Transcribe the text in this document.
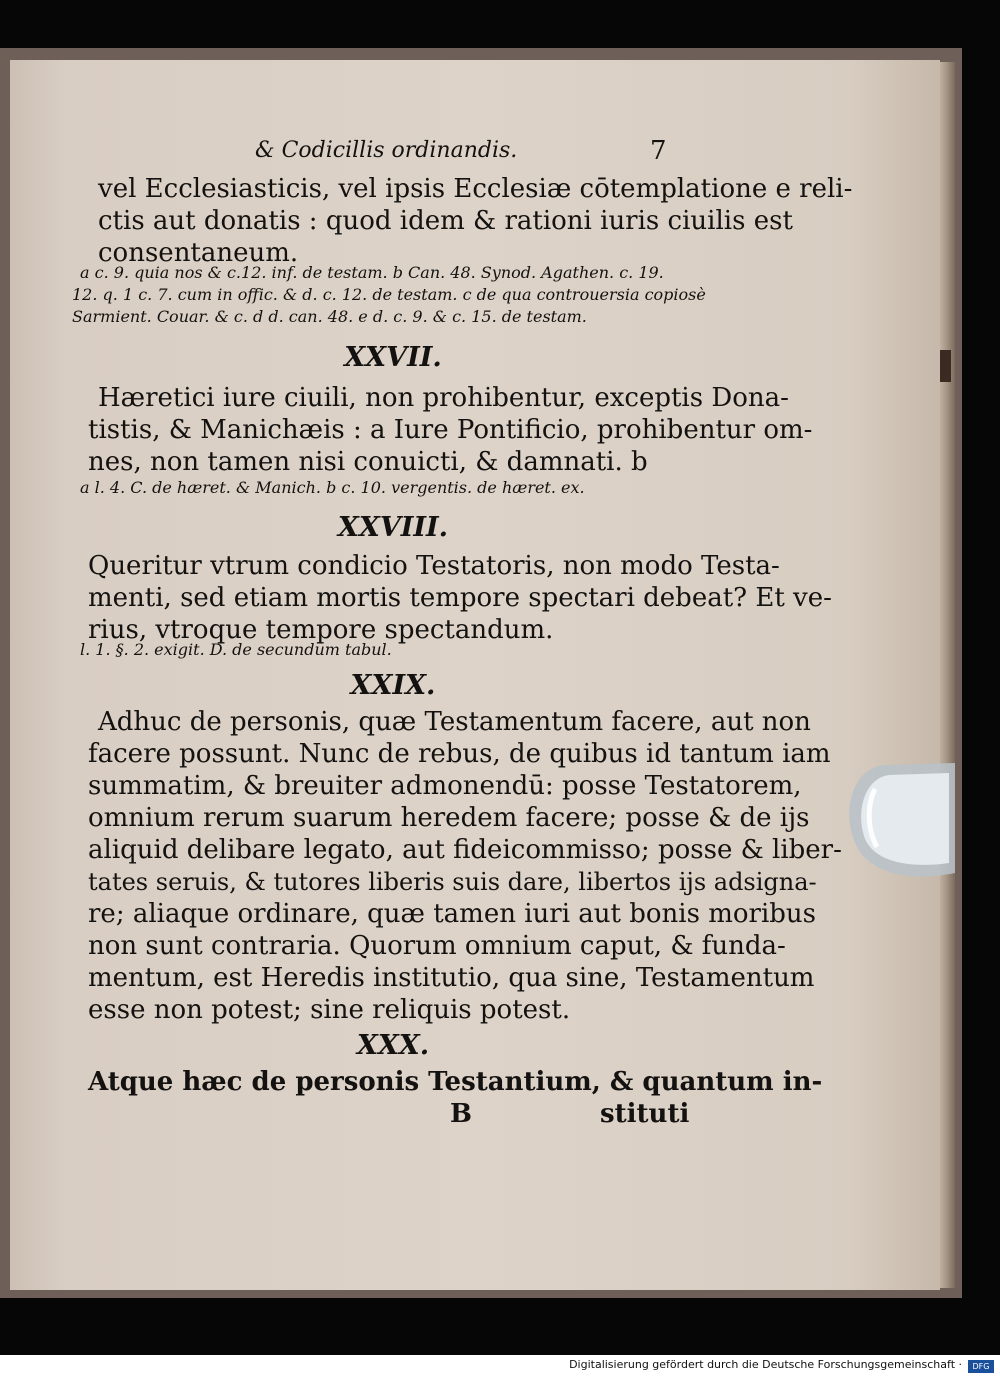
& Codicillis ordinandis.	7

vel Ecclesiasticis, vel ipsis Ecclesiæ cōtemplatione e reli-

ctis aut donatis : quod idem & rationi iuris ciuilis est

consentaneum.

a c. 9. quia nos & c.12. inf. de testam. b Can. 48. Synod. Agathen. c. 19.

12. q. 1 c. 7. cum in offic. & d. c. 12. de testam. c de qua controuersia copiosè

Sarmient. Couar. & c. d d. can. 48. e d. c. 9. & c. 15. de testam.

XXVII.

Hæretici iure ciuili, non prohibentur, exceptis Dona-

tistis, & Manichæis : a Iure Pontificio, prohibentur om-

nes, non tamen nisi conuicti, & damnati. b

a l. 4. C. de hæret. & Manich. b c. 10. vergentis. de hæret. ex.

XXVIII.

Queritur vtrum condicio Testatoris, non modo Testa-

menti, sed etiam mortis tempore spectari debeat? Et ve-

rius, vtroque tempore spectandum.

l. 1. §. 2. exigit. D. de secundum tabul.

XXIX.

Adhuc de personis, quæ Testamentum facere, aut non

facere possunt. Nunc de rebus, de quibus id tantum iam

summatim, & breuiter admonendū: posse Testatorem,

omnium rerum suarum heredem facere; posse & de ijs

aliquid delibare legato, aut fideicommisso; posse & liber-

tates seruis, & tutores liberis suis dare, libertos ijs adsigna-

re; aliaque ordinare, quæ tamen iuri aut bonis moribus

non sunt contraria. Quorum omnium caput, & funda-

mentum, est Heredis institutio, qua sine, Testamentum

esse non potest; sine reliquis potest.

XXX.

Atque hæc de personis Testantium, & quantum in-

B	stituti

Digitalisierung gefördert durch die Deutsche Forschungsgemeinschaft ·	DFG
